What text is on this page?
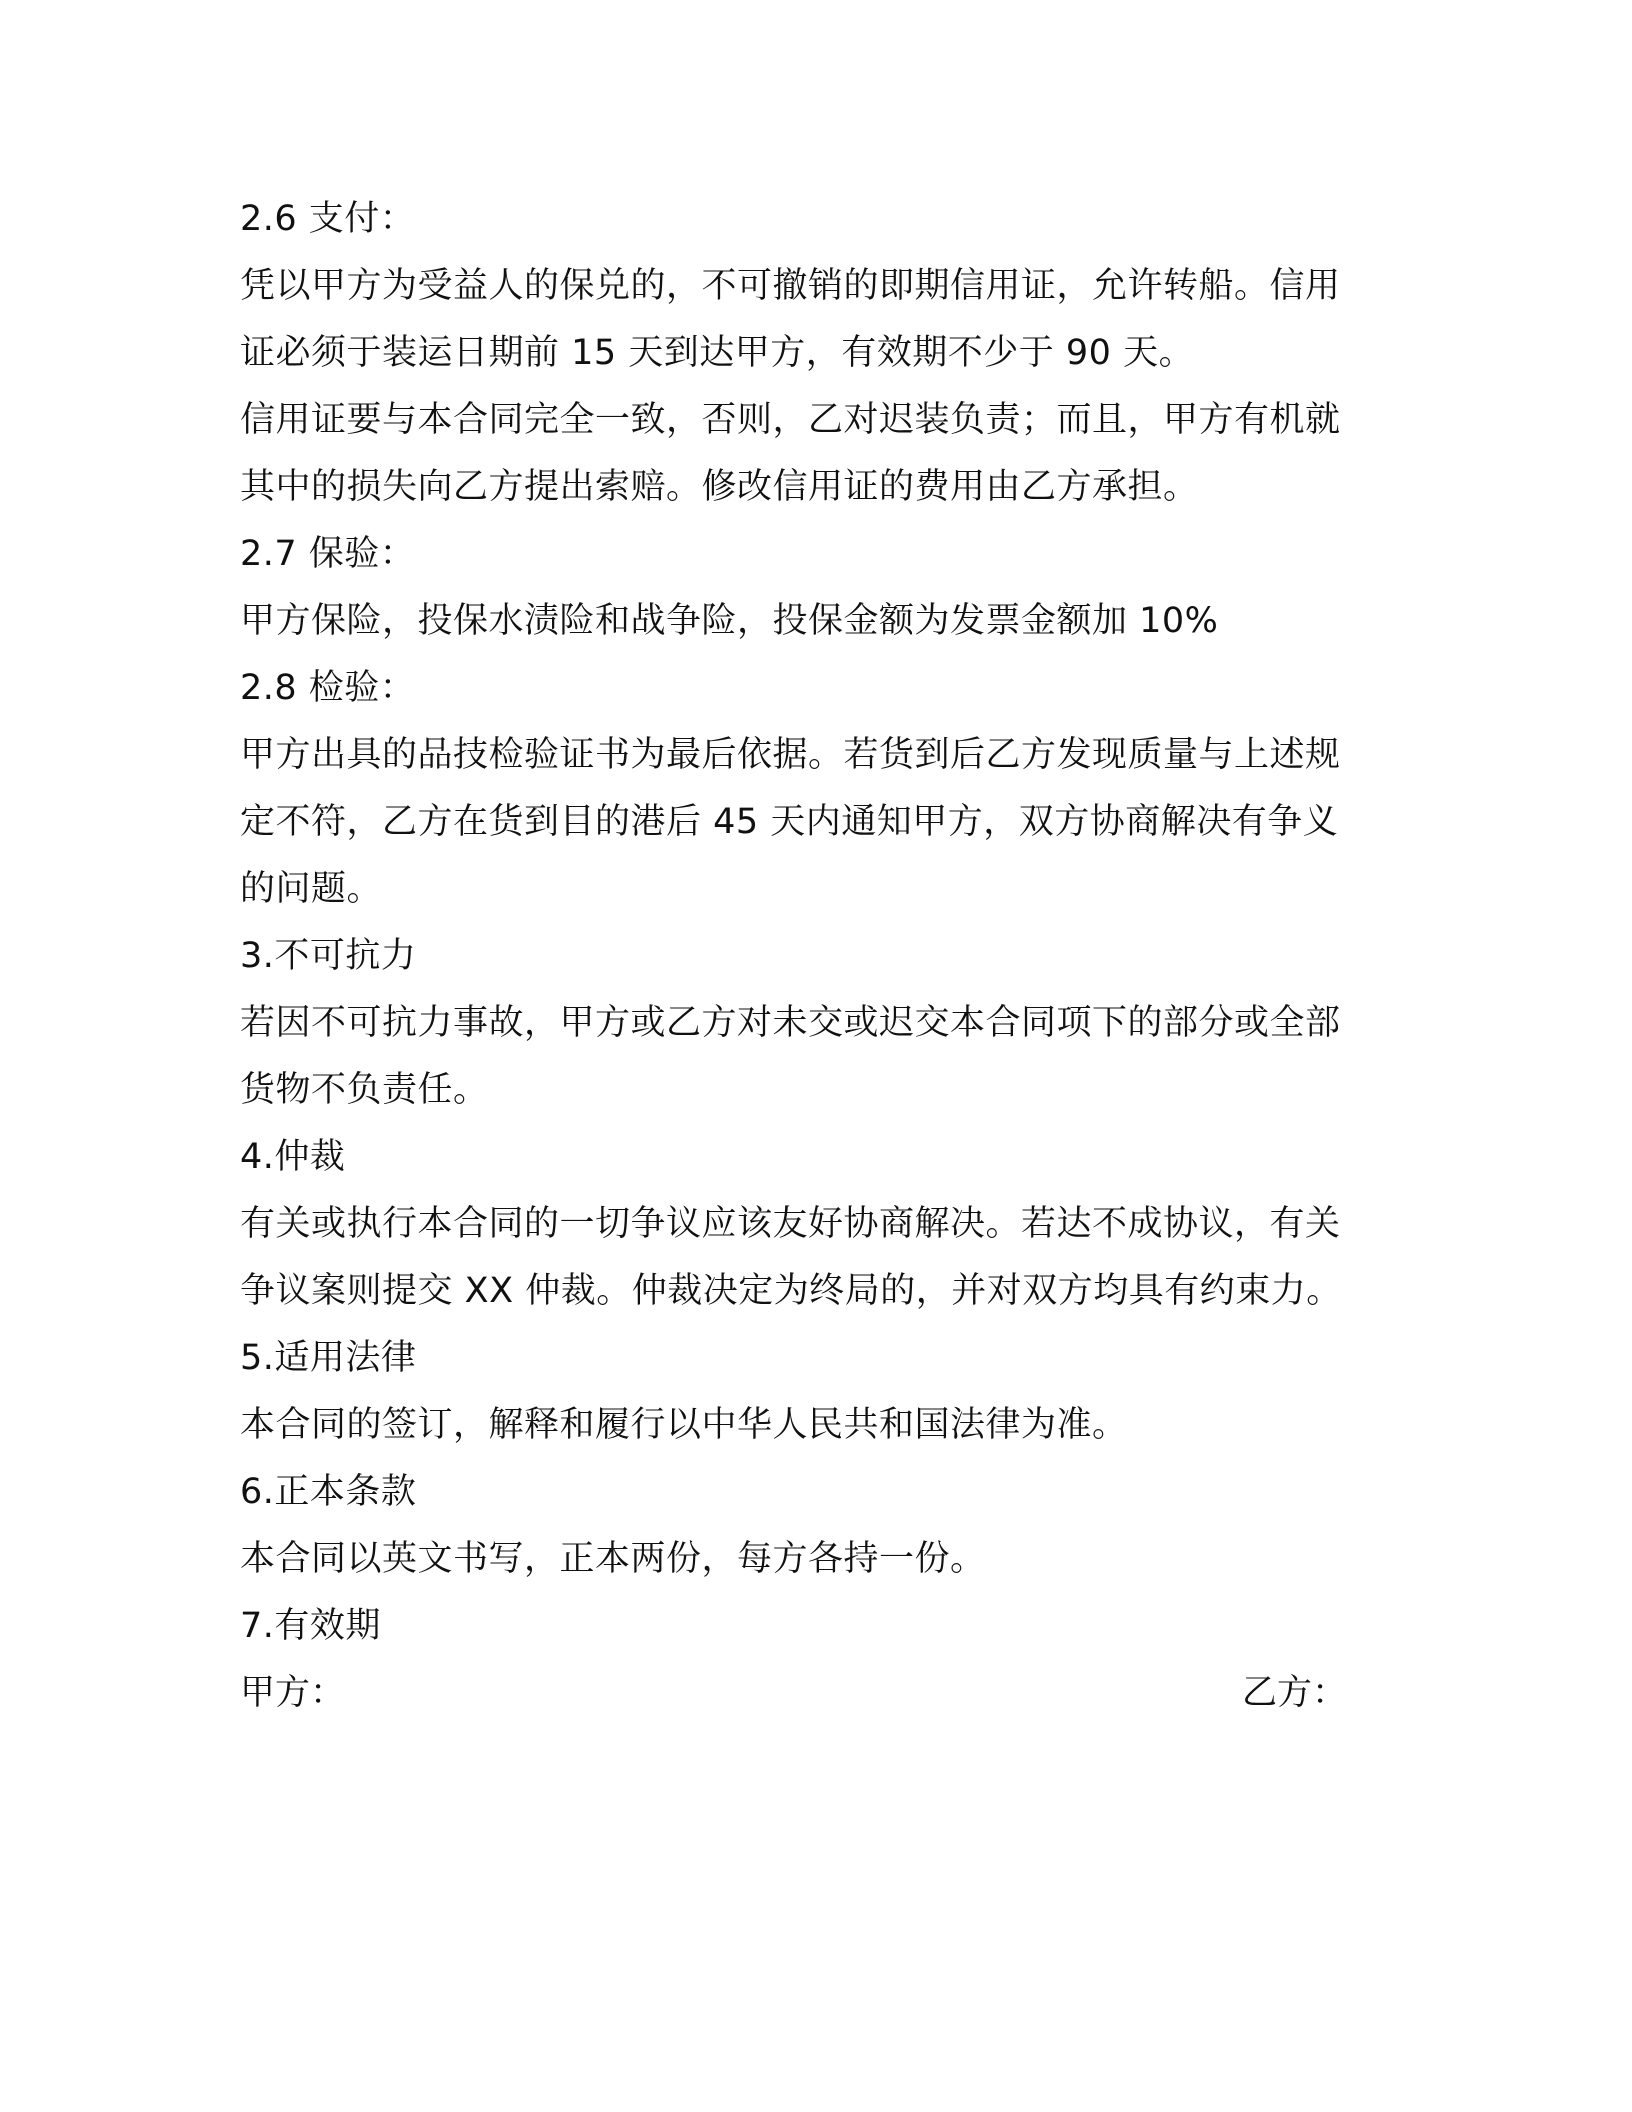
2.6 支付：
凭以甲方为受益人的保兑的，不可撤销的即期信用证，允许转船。信用
证必须于装运日期前 15 天到达甲方，有效期不少于 90 天。
信用证要与本合同完全一致，否则，乙对迟装负责；而且，甲方有机就
其中的损失向乙方提出索赔。修改信用证的费用由乙方承担。
2.7 保验：
甲方保险，投保水渍险和战争险，投保金额为发票金额加 10%
2.8 检验：
甲方出具的品技检验证书为最后依据。若货到后乙方发现质量与上述规
定不符，乙方在货到目的港后 45 天内通知甲方，双方协商解决有争义
的问题。
3.不可抗力
若因不可抗力事故，甲方或乙方对未交或迟交本合同项下的部分或全部
货物不负责任。
4.仲裁
有关或执行本合同的一切争议应该友好协商解决。若达不成协议，有关
争议案则提交 XX 仲裁。仲裁决定为终局的，并对双方均具有约束力。
5.适用法律
本合同的签订，解释和履行以中华人民共和国法律为准。
6.正本条款
本合同以英文书写，正本两份，每方各持一份。
7.有效期
甲方：	乙方：
